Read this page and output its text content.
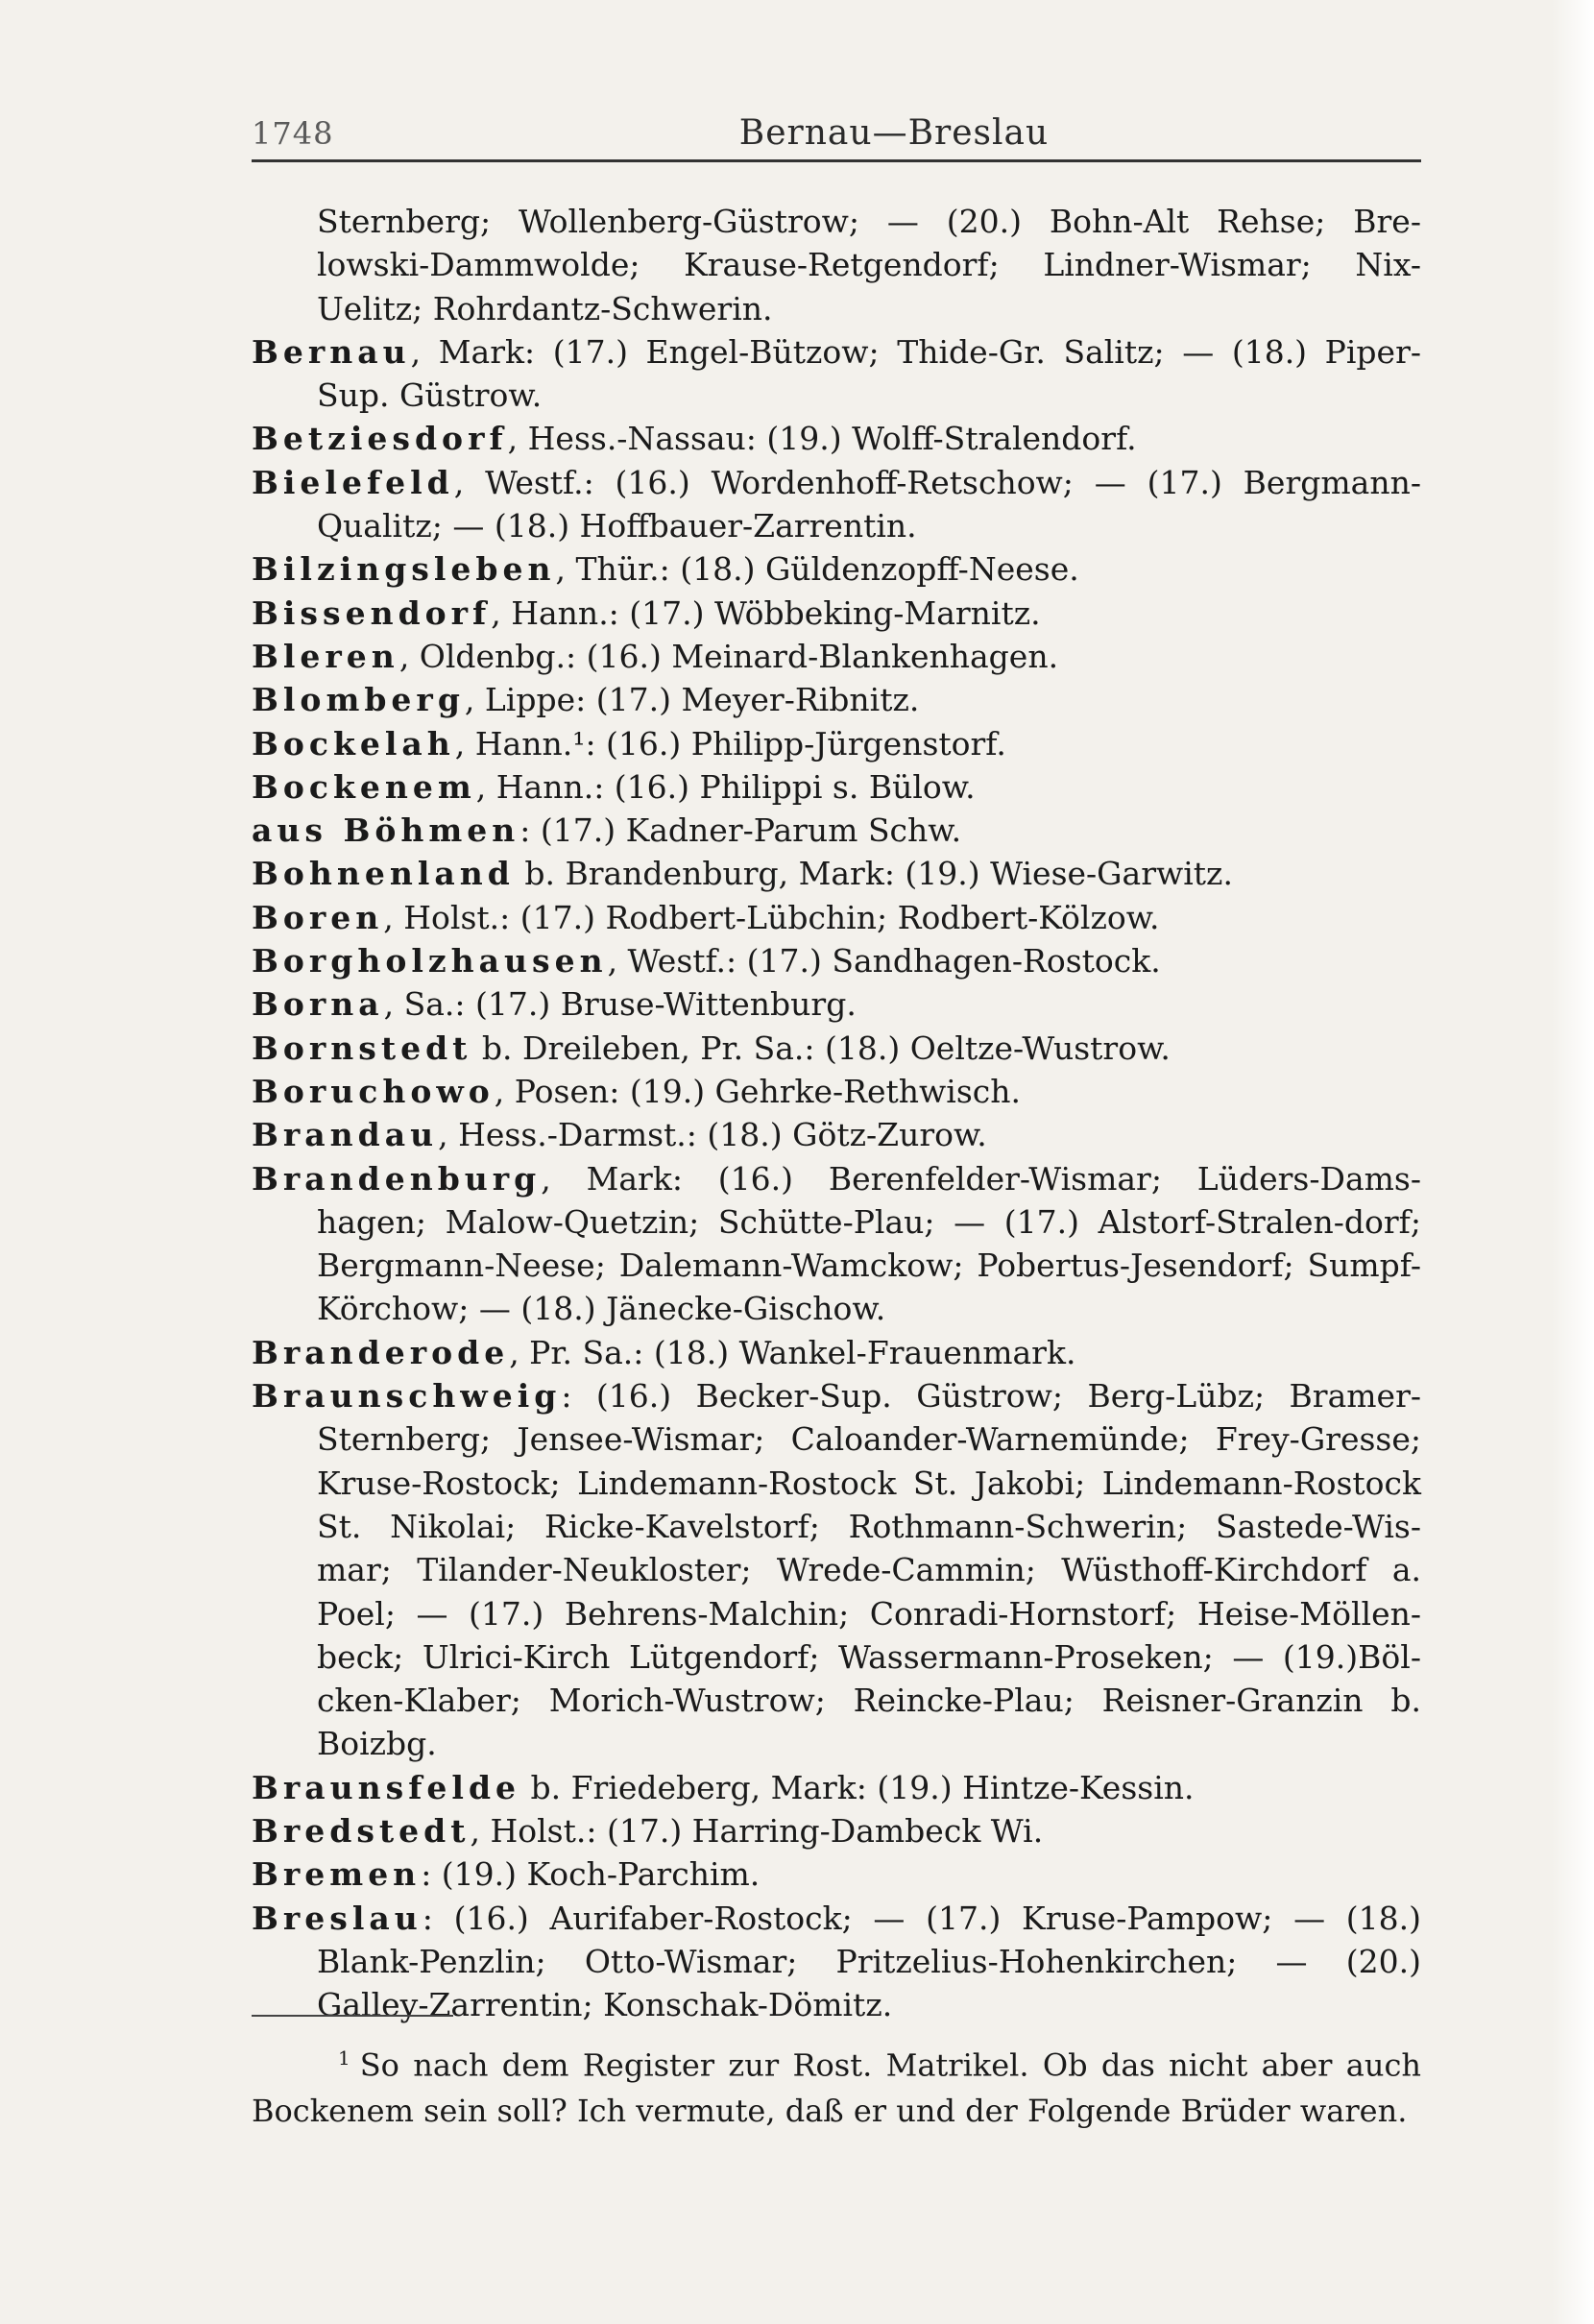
1748	Bernau—Breslau

Sternberg; Wollenberg-Güstrow; — (20.) Bohn-Alt Rehse; Bre-lowski-Dammwolde; Krause-Retgendorf; Lindner-Wismar; Nix-Uelitz; Rohrdantz-Schwerin.

Bernau, Mark: (17.) Engel-Bützow; Thide-Gr. Salitz; — (18.) Piper-Sup. Güstrow.

Betziesdorf, Hess.-Nassau: (19.) Wolff-Stralendorf.

Bielefeld, Westf.: (16.) Wordenhoff-Retschow; — (17.) Bergmann-Qualitz; — (18.) Hoffbauer-Zarrentin.

Bilzingsleben, Thür.: (18.) Güldenzopff-Neese.

Bissendorf, Hann.: (17.) Wöbbeking-Marnitz.

Bleren, Oldenbg.: (16.) Meinard-Blankenhagen.

Blomberg, Lippe: (17.) Meyer-Ribnitz.

Bockelah, Hann.¹: (16.) Philipp-Jürgenstorf.

Bockenem, Hann.: (16.) Philippi s. Bülow.

aus Böhmen: (17.) Kadner-Parum Schw.

Bohnenland b. Brandenburg, Mark: (19.) Wiese-Garwitz.

Boren, Holst.: (17.) Rodbert-Lübchin; Rodbert-Kölzow.

Borgholzhausen, Westf.: (17.) Sandhagen-Rostock.

Borna, Sa.: (17.) Bruse-Wittenburg.

Bornstedt b. Dreileben, Pr. Sa.: (18.) Oeltze-Wustrow.

Boruchowo, Posen: (19.) Gehrke-Rethwisch.

Brandau, Hess.-Darmst.: (18.) Götz-Zurow.

Brandenburg, Mark: (16.) Berenfelder-Wismar; Lüders-Dams-hagen; Malow-Quetzin; Schütte-Plau; — (17.) Alstorf-Stralen-dorf; Bergmann-Neese; Dalemann-Wamckow; Pobertus-Jesendorf; Sumpf-Körchow; — (18.) Jänecke-Gischow.

Branderode, Pr. Sa.: (18.) Wankel-Frauenmark.

Braunschweig: (16.) Becker-Sup. Güstrow; Berg-Lübz; Bramer-Sternberg; Jensee-Wismar; Caloander-Warnemünde; Frey-Gresse; Kruse-Rostock; Lindemann-Rostock St. Jakobi; Lindemann-Rostock St. Nikolai; Ricke-Kavelstorf; Rothmann-Schwerin; Sastede-Wis-mar; Tilander-Neukloster; Wrede-Cammin; Wüsthoff-Kirchdorf a. Poel; — (17.) Behrens-Malchin; Conradi-Hornstorf; Heise-Möllen-beck; Ulrici-Kirch Lütgendorf; Wassermann-Proseken; — (19.)Böl-cken-Klaber; Morich-Wustrow; Reincke-Plau; Reisner-Granzin b. Boizbg.

Braunsfelde b. Friedeberg, Mark: (19.) Hintze-Kessin.

Bredstedt, Holst.: (17.) Harring-Dambeck Wi.

Bremen: (19.) Koch-Parchim.

Breslau: (16.) Aurifaber-Rostock; — (17.) Kruse-Pampow; — (18.) Blank-Penzlin; Otto-Wismar; Pritzelius-Hohenkirchen; — (20.) Galley-Zarrentin; Konschak-Dömitz.

$^1$ So nach dem Register zur Rost. Matrikel. Ob das nicht aber auch Bockenem sein soll? Ich vermute, daß er und der Folgende Brüder waren.
